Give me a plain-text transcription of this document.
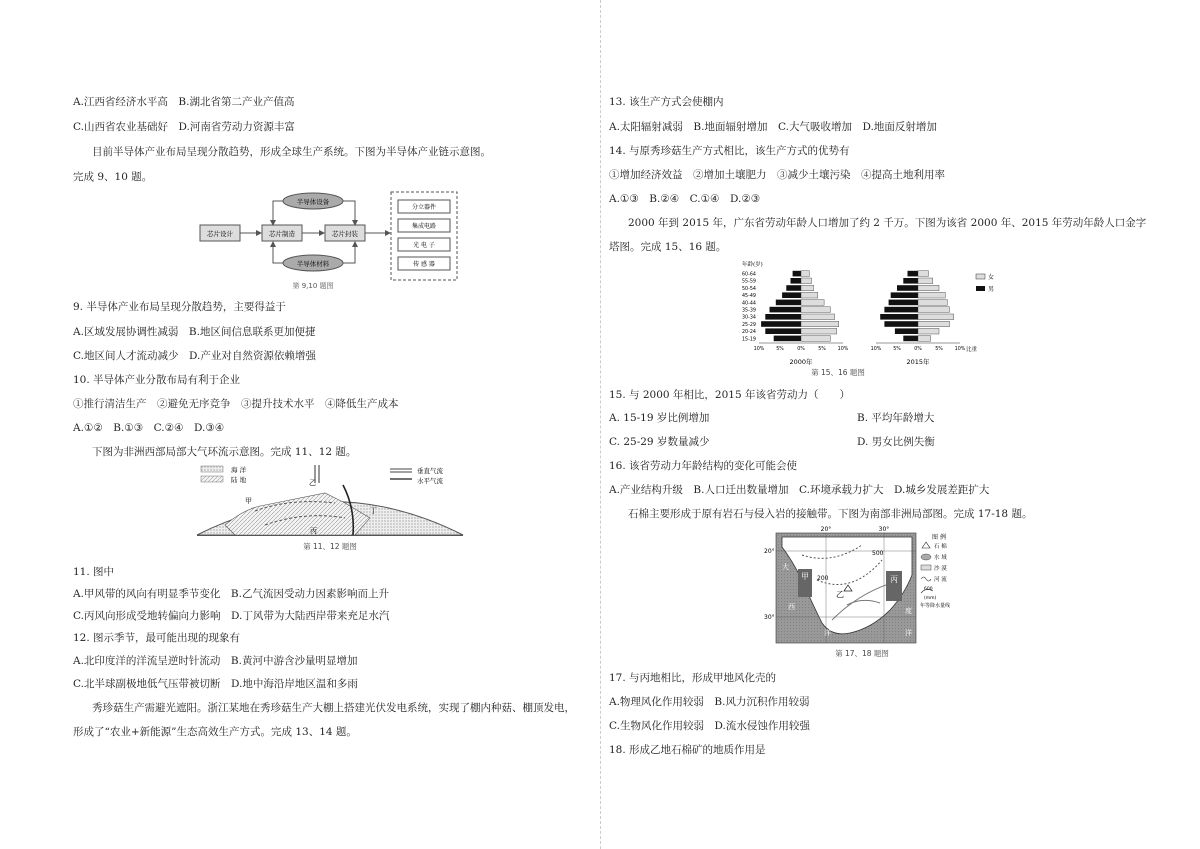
A.江西省经济水平高　B.湖北省第二产业产值高
C.山西省农业基础好　D.河南省劳动力资源丰富
目前半导体产业布局呈现分散趋势，形成全球生产系统。下图为半导体产业链示意图。
完成 9、10 题。
芯片设计	芯片制造	芯片封装
半导体设备
半导体材料
分立器件
集成电路
光 电 子
传 感 器
第 9,10 题图
9. 半导体产业布局呈现分散趋势，主要得益于
A.区域发展协调性减弱　B.地区间信息联系更加便捷
C.地区间人才流动减少　D.产业对自然资源依赖增强
10. 半导体产业分散布局有利于企业
①推行清洁生产　②避免无序竞争　③提升技术水平　④降低生产成本
A.①②　B.①③　C.②④　D.③④
下图为非洲西部局部大气环流示意图。完成 11、12 题。
海 洋
陆 地
垂直气流
水平气流
甲
乙
丙
丁
第 11、12 题图
11. 图中
A.甲风带的风向有明显季节变化　B.乙气流因受动力因素影响而上升
C.丙风向形成受地转偏向力影响　D.丁风带为大陆西岸带来充足水汽
12. 图示季节，最可能出现的现象有
A.北印度洋的洋流呈逆时针流动　B.黄河中游含沙量明显增加
C.北半球副极地低气压带被切断　D.地中海沿岸地区温和多雨
秀珍菇生产需避光遮阳。浙江某地在秀珍菇生产大棚上搭建光伏发电系统，实现了棚内种菇、棚顶发电，
形成了“农业+新能源”生态高效生产方式。完成 13、14 题。
13. 该生产方式会使棚内
A.太阳辐射减弱　B.地面辐射增加　C.大气吸收增加　D.地面反射增加
14. 与原秀珍菇生产方式相比，该生产方式的优势有
①增加经济效益　②增加土壤肥力　③减少土壤污染　④提高土地利用率
A.①③　B.②④　C.①④　D.②③
2000 年到 2015 年，广东省劳动年龄人口增加了约 2 千万。下图为该省 2000 年、2015 年劳动年龄人口金字
塔图。完成 15、16 题。
年龄(岁)
15-19
20-24
25-29
30-34
35-39
40-44
45-49
50-54
55-59
60-64
10% 5%	0%	5% 10%	10% 5%	0%	5% 10%
女
男
比重
2000年	2015年
第 15、16 题图
15. 与 2000 年相比，2015 年该省劳动力（　　）
A. 15-19 岁比例增加	B. 平均年龄增大
C. 25-29 岁数量减少	D. 男女比例失衡
16. 该省劳动力年龄结构的变化可能会使
A.产业结构升级　B.人口迁出数量增加　C.环境承载力扩大　D.城乡发展差距扩大
石棉主要形成于原有岩石与侵入岩的接触带。下图为南部非洲局部图。完成 17-18 题。
20°	30°
20°
30°
200
500
甲	丙
乙
大
西
洋
度
洋
图 例
石 棉
水 域
沙 漠
河 流
600
(mm)
年等降水量线
第 17、18 题图
17. 与丙地相比，形成甲地风化壳的
A.物理风化作用较弱　B.风力沉积作用较弱
C.生物风化作用较弱　D.流水侵蚀作用较强
18. 形成乙地石棉矿的地质作用是
